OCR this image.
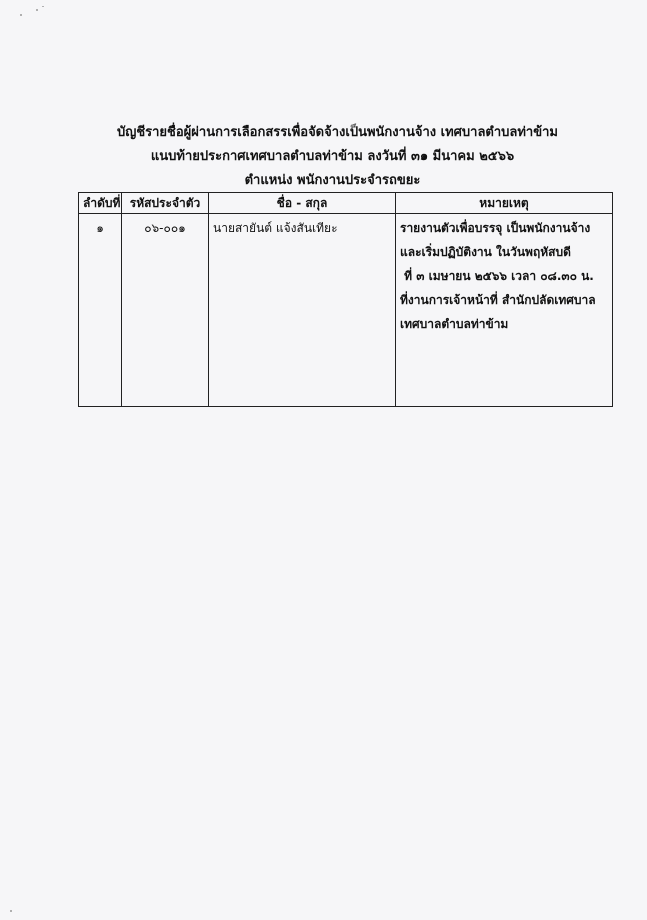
บัญชีรายชื่อผู้ผ่านการเลือกสรรเพื่อจัดจ้างเป็นพนักงานจ้าง เทศบาลตำบลท่าข้าม
แนบท้ายประกาศเทศบาลตำบลท่าข้าม ลงวันที่ ๓๑ มีนาคม ๒๕๖๖
ตำแหน่ง พนักงานประจำรถขยะ
ลำดับที่	รหัสประจำตัว	ชื่อ - สกุล	หมายเหตุ
๑	๐๖-๐๐๑	นายสายันต์ แจ้งสันเทียะ	รายงานตัวเพื่อบรรจุ เป็นพนักงานจ้าง
และเริ่มปฏิบัติงาน ในวันพฤหัสบดี
ที่ ๓ เมษายน ๒๕๖๖ เวลา ๐๘.๓๐ น.
ที่งานการเจ้าหน้าที่ สำนักปลัดเทศบาล
เทศบาลตำบลท่าข้าม
